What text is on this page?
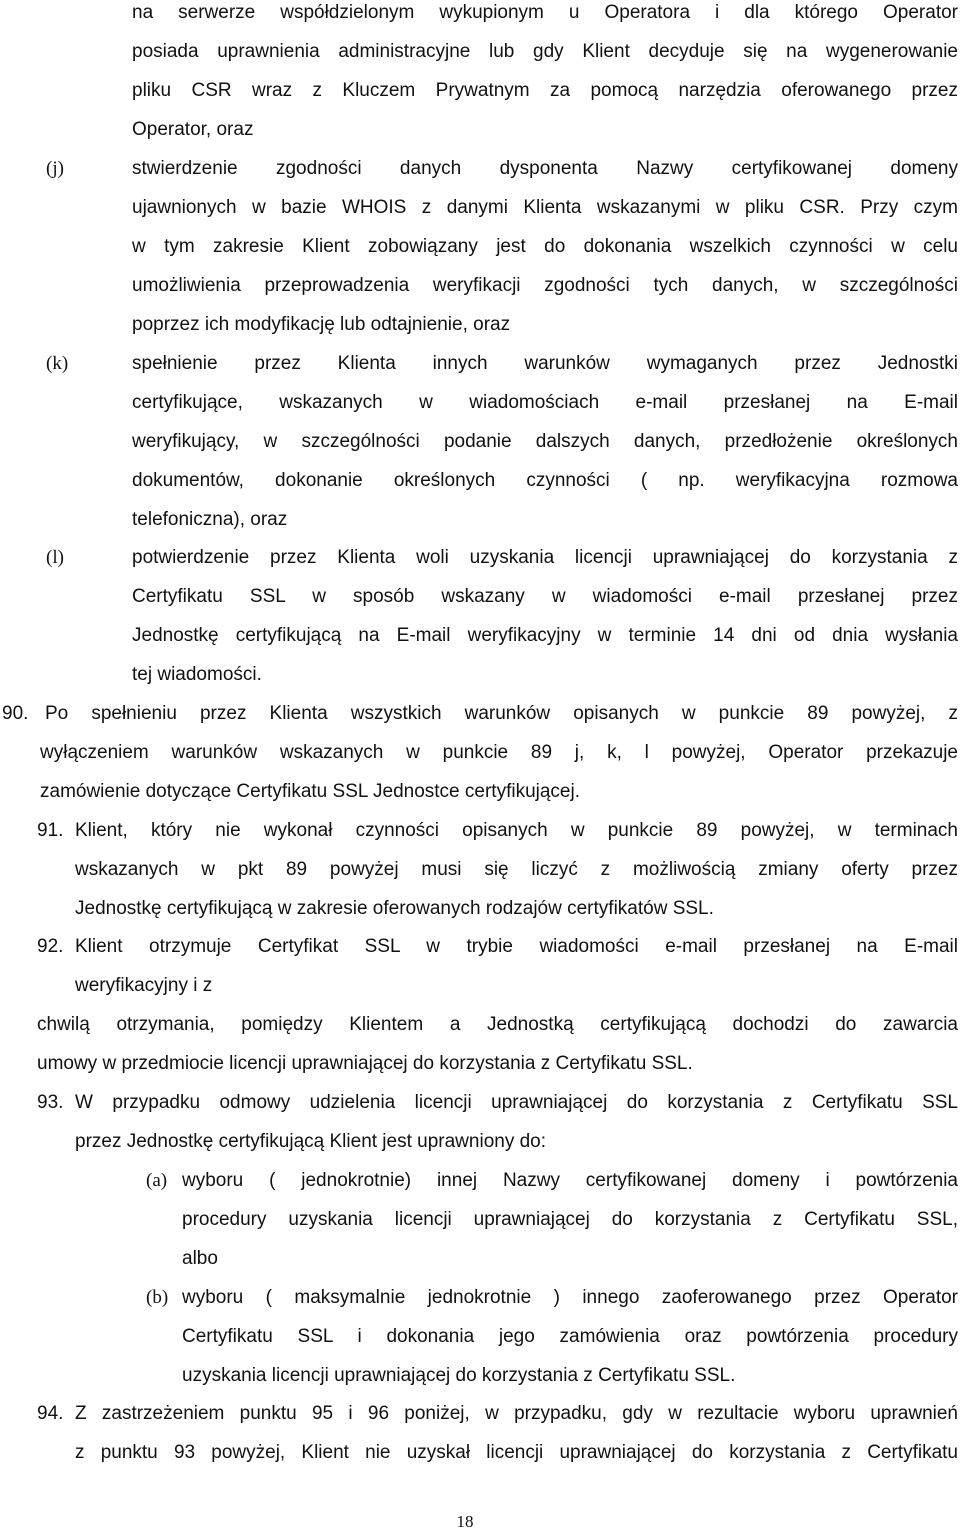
na serwerze współdzielonym wykupionym u Operatora i dla którego Operator
posiada uprawnienia administracyjne lub gdy Klient decyduje się na wygenerowanie
pliku CSR wraz z Kluczem Prywatnym za pomocą narzędzia oferowanego przez
Operator, oraz
(j)	stwierdzenie zgodności danych dysponenta Nazwy certyfikowanej domeny
ujawnionych w bazie WHOIS z danymi Klienta wskazanymi w pliku CSR. Przy czym
w tym zakresie Klient zobowiązany jest do dokonania wszelkich czynności w celu
umożliwienia przeprowadzenia weryfikacji zgodności tych danych, w szczególności
poprzez ich modyfikację lub odtajnienie, oraz
(k)	spełnienie przez Klienta innych warunków wymaganych przez Jednostki
certyfikujące, wskazanych w wiadomościach e-mail przesłanej na E-mail
weryfikujący, w szczególności podanie dalszych danych, przedłożenie określonych
dokumentów, dokonanie określonych czynności ( np. weryfikacyjna rozmowa
telefoniczna), oraz
(l)	potwierdzenie przez Klienta woli uzyskania licencji uprawniającej do korzystania z
Certyfikatu SSL w sposób wskazany w wiadomości e-mail przesłanej przez
Jednostkę certyfikującą na E-mail weryfikacyjny w terminie 14 dni od dnia wysłania
tej wiadomości.
90. Po spełnieniu przez Klienta wszystkich warunków opisanych w punkcie 89 powyżej, z
wyłączeniem warunków wskazanych w punkcie 89 j, k, l powyżej, Operator przekazuje
zamówienie dotyczące Certyfikatu SSL Jednostce certyfikującej.
91. Klient, który nie wykonał czynności opisanych w punkcie 89 powyżej, w terminach
wskazanych w pkt 89 powyżej musi się liczyć z możliwością zmiany oferty przez
Jednostkę certyfikującą w zakresie oferowanych rodzajów certyfikatów SSL.
92. Klient otrzymuje Certyfikat SSL w trybie wiadomości e-mail przesłanej na E-mail
weryfikacyjny i z
chwilą otrzymania, pomiędzy Klientem a Jednostką certyfikującą dochodzi do zawarcia
umowy w przedmiocie licencji uprawniającej do korzystania z Certyfikatu SSL.
93. W przypadku odmowy udzielenia licencji uprawniającej do korzystania z Certyfikatu SSL
przez Jednostkę certyfikującą Klient jest uprawniony do:
(a) wyboru ( jednokrotnie) innej Nazwy certyfikowanej domeny i powtórzenia
procedury uzyskania licencji uprawniającej do korzystania z Certyfikatu SSL,
albo
(b) wyboru ( maksymalnie jednokrotnie ) innego zaoferowanego przez Operator
Certyfikatu SSL i dokonania jego zamówienia oraz powtórzenia procedury
uzyskania licencji uprawniającej do korzystania z Certyfikatu SSL.
94. Z zastrzeżeniem punktu 95 i 96 poniżej, w przypadku, gdy w rezultacie wyboru uprawnień
z punktu 93 powyżej, Klient nie uzyskał licencji uprawniającej do korzystania z Certyfikatu
18
